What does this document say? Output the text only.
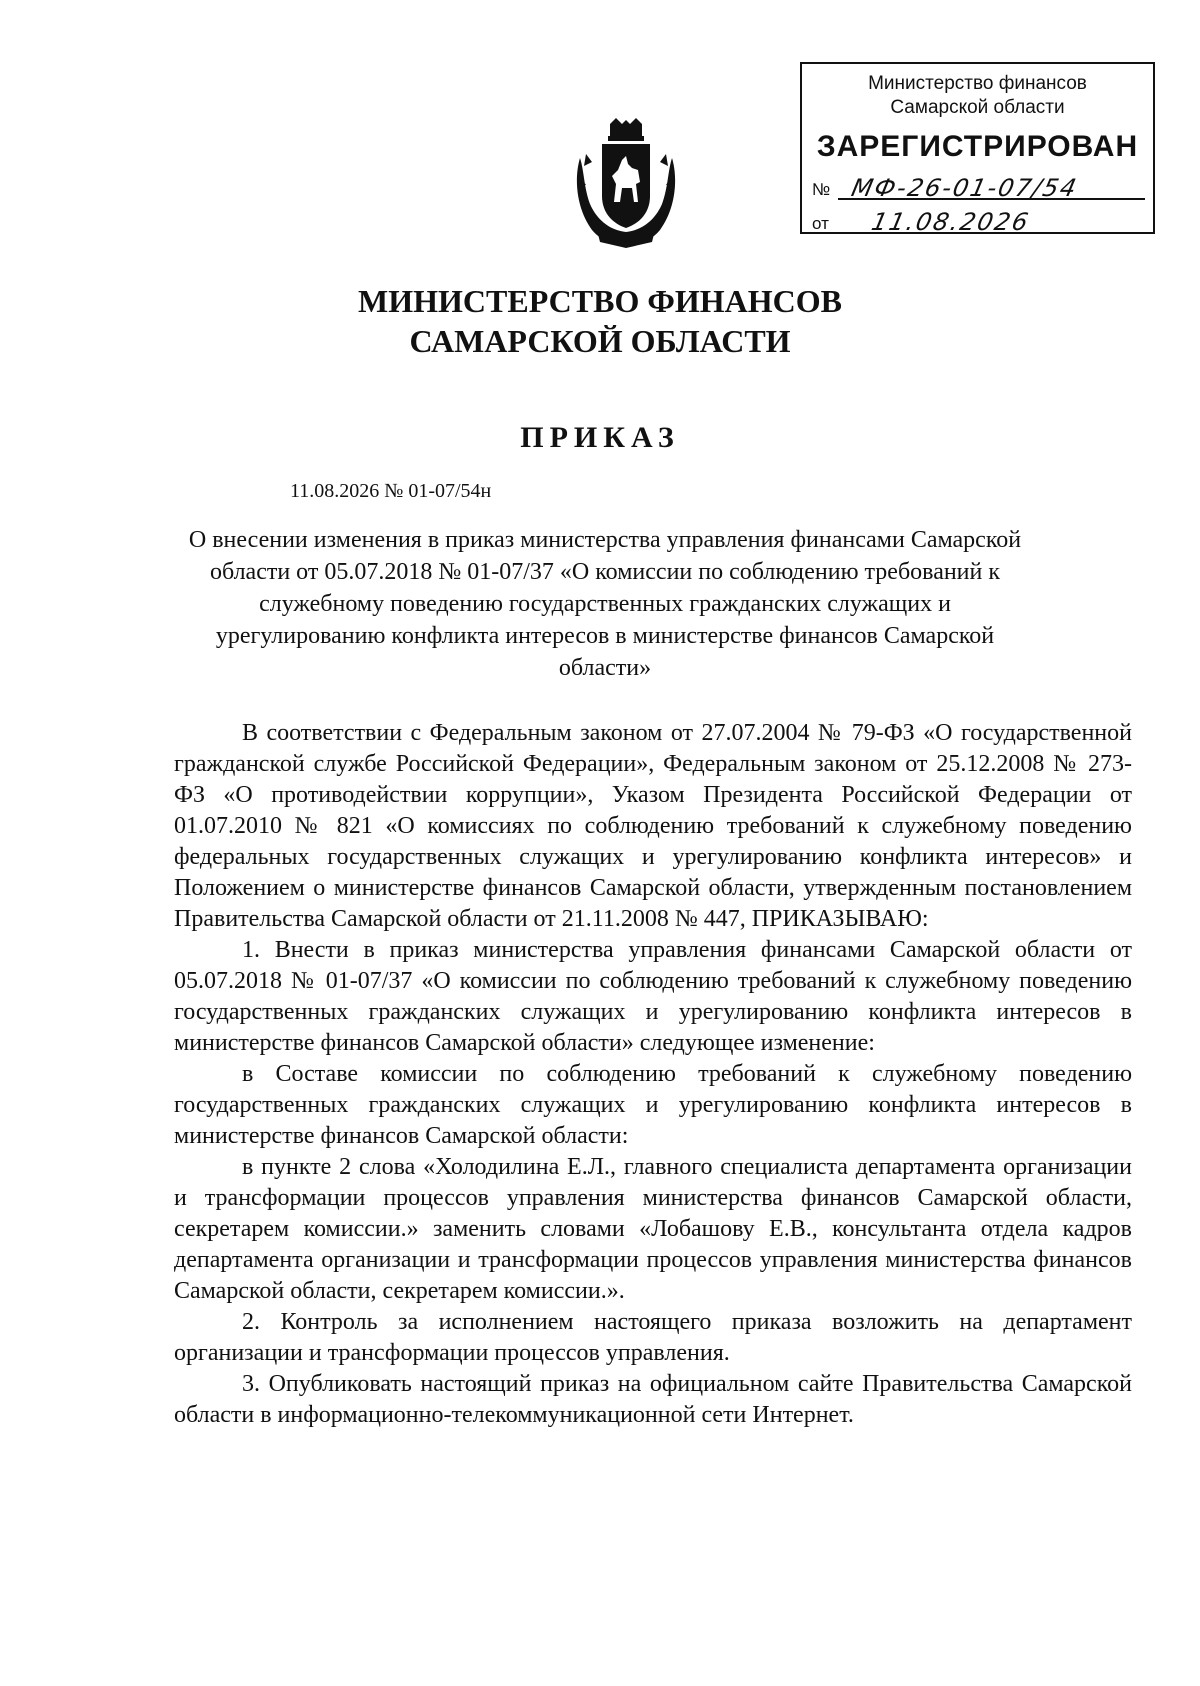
Министерство финансов
Самарской области
ЗАРЕГИСТРИРОВАН
№ МФ-26-01-07/54
от 11.08.2026
МИНИСТЕРСТВО ФИНАНСОВ
САМАРСКОЙ ОБЛАСТИ
ПРИКАЗ
11.08.2026 № 01-07/54н
О внесении изменения в приказ министерства управления финансами Самарской области от 05.07.2018 № 01-07/37 «О комиссии по соблюдению требований к служебному поведению государственных гражданских служащих и урегулированию конфликта интересов в министерстве финансов Самарской области»

В соответствии с Федеральным законом от 27.07.2004 № 79-ФЗ «О государственной гражданской службе Российской Федерации», Федеральным законом от 25.12.2008 № 273-ФЗ «О противодействии коррупции», Указом Президента Российской Федерации от 01.07.2010 № 821 «О комиссиях по соблюдению требований к служебному поведению федеральных государственных служащих и урегулированию конфликта интересов» и Положением о министерстве финансов Самарской области, утвержденным постановлением Правительства Самарской области от 21.11.2008 № 447, ПРИКАЗЫВАЮ:

1. Внести в приказ министерства управления финансами Самарской области от 05.07.2018 № 01-07/37 «О комиссии по соблюдению требований к служебному поведению государственных гражданских служащих и урегулированию конфликта интересов в министерстве финансов Самарской области» следующее изменение:

в Составе комиссии по соблюдению требований к служебному поведению государственных гражданских служащих и урегулированию конфликта интересов в министерстве финансов Самарской области:

в пункте 2 слова «Холодилина Е.Л., главного специалиста департамента организации и трансформации процессов управления министерства финансов Самарской области, секретарем комиссии.» заменить словами «Лобашову Е.В., консультанта отдела кадров департамента организации и трансформации процессов управления министерства финансов Самарской области, секретарем комиссии.».

2. Контроль за исполнением настоящего приказа возложить на департамент организации и трансформации процессов управления.

3. Опубликовать настоящий приказ на официальном сайте Правительства Самарской области в информационно-телекоммуникационной сети Интернет.
